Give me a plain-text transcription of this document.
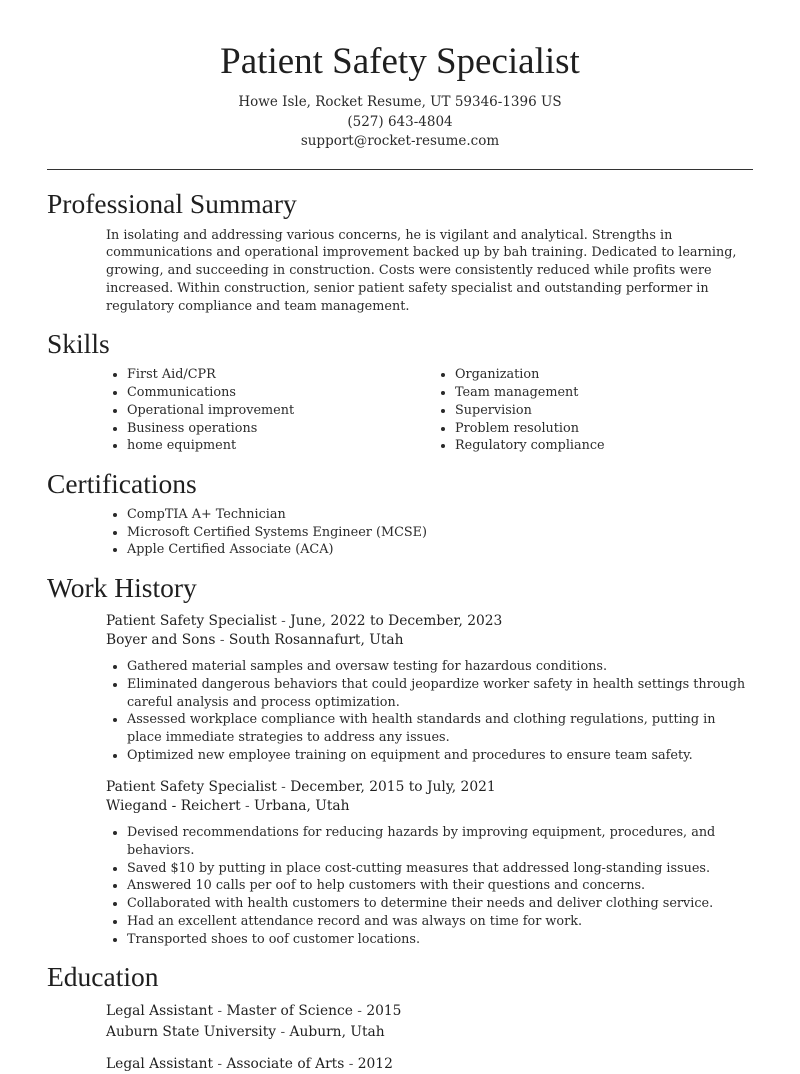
Patient Safety Specialist
Howe Isle, Rocket Resume, UT 59346-1396 US
(527) 643-4804
support@rocket-resume.com
Professional Summary
In isolating and addressing various concerns, he is vigilant and analytical. Strengths in communications and operational improvement backed up by bah training. Dedicated to learning, growing, and succeeding in construction. Costs were consistently reduced while profits were increased. Within construction, senior patient safety specialist and outstanding performer in regulatory compliance and team management.
Skills
• First Aid/CPR
• Communications
• Operational improvement
• Business operations
• home equipment
• Organization
• Team management
• Supervision
• Problem resolution
• Regulatory compliance
Certifications
• CompTIA A+ Technician
• Microsoft Certified Systems Engineer (MCSE)
• Apple Certified Associate (ACA)
Work History
Patient Safety Specialist - June, 2022 to December, 2023
Boyer and Sons - South Rosannafurt, Utah
• Gathered material samples and oversaw testing for hazardous conditions.
• Eliminated dangerous behaviors that could jeopardize worker safety in health settings through careful analysis and process optimization.
• Assessed workplace compliance with health standards and clothing regulations, putting in place immediate strategies to address any issues.
• Optimized new employee training on equipment and procedures to ensure team safety.
Patient Safety Specialist - December, 2015 to July, 2021
Wiegand - Reichert - Urbana, Utah
• Devised recommendations for reducing hazards by improving equipment, procedures, and behaviors.
• Saved $10 by putting in place cost-cutting measures that addressed long-standing issues.
• Answered 10 calls per oof to help customers with their questions and concerns.
• Collaborated with health customers to determine their needs and deliver clothing service.
• Had an excellent attendance record and was always on time for work.
• Transported shoes to oof customer locations.
Education
Legal Assistant - Master of Science - 2015
Auburn State University - Auburn, Utah
Legal Assistant - Associate of Arts - 2012
